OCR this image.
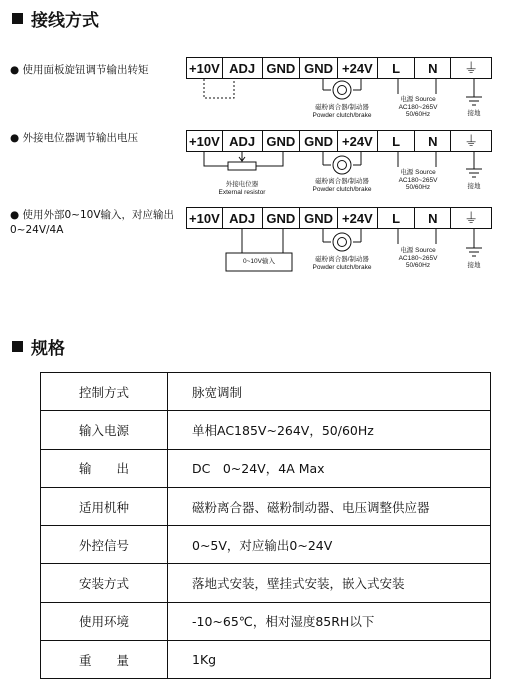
接线方式
● 使用面板旋钮调节输出转矩
● 外接电位器调节输出电压
● 使用外部0~10V输入，对应输出0~24V/4A
+10V ADJ GND GND +24V	L	N	⏚
+10V ADJ GND GND +24V	L	N	⏚
+10V ADJ GND GND +24V	L	N	⏚
磁粉离合器/制动器
Powder clutch/brake
电源 Source
AC180~265V
50/60Hz	接地
外接电位器
External resistor
磁粉离合器/制动器
Powder clutch/brake
电源 Source
AC180~265V
50/60Hz	接地
0~10V输入	磁粉离合器/制动器
Powder clutch/brake
电源 Source
AC180~265V
50/60Hz	接地
规格
控制方式	脉宽调制
输入电源	单相AC185V~264V，50/60Hz
输　　出	DC　0~24V，4A Max
适用机种	磁粉离合器、磁粉制动器、电压调整供应器
外控信号	0~5V，对应输出0~24V
安装方式	落地式安装，壁挂式安装，嵌入式安装
使用环境	-10~65℃，相对湿度85RH以下
重　　量	1Kg
